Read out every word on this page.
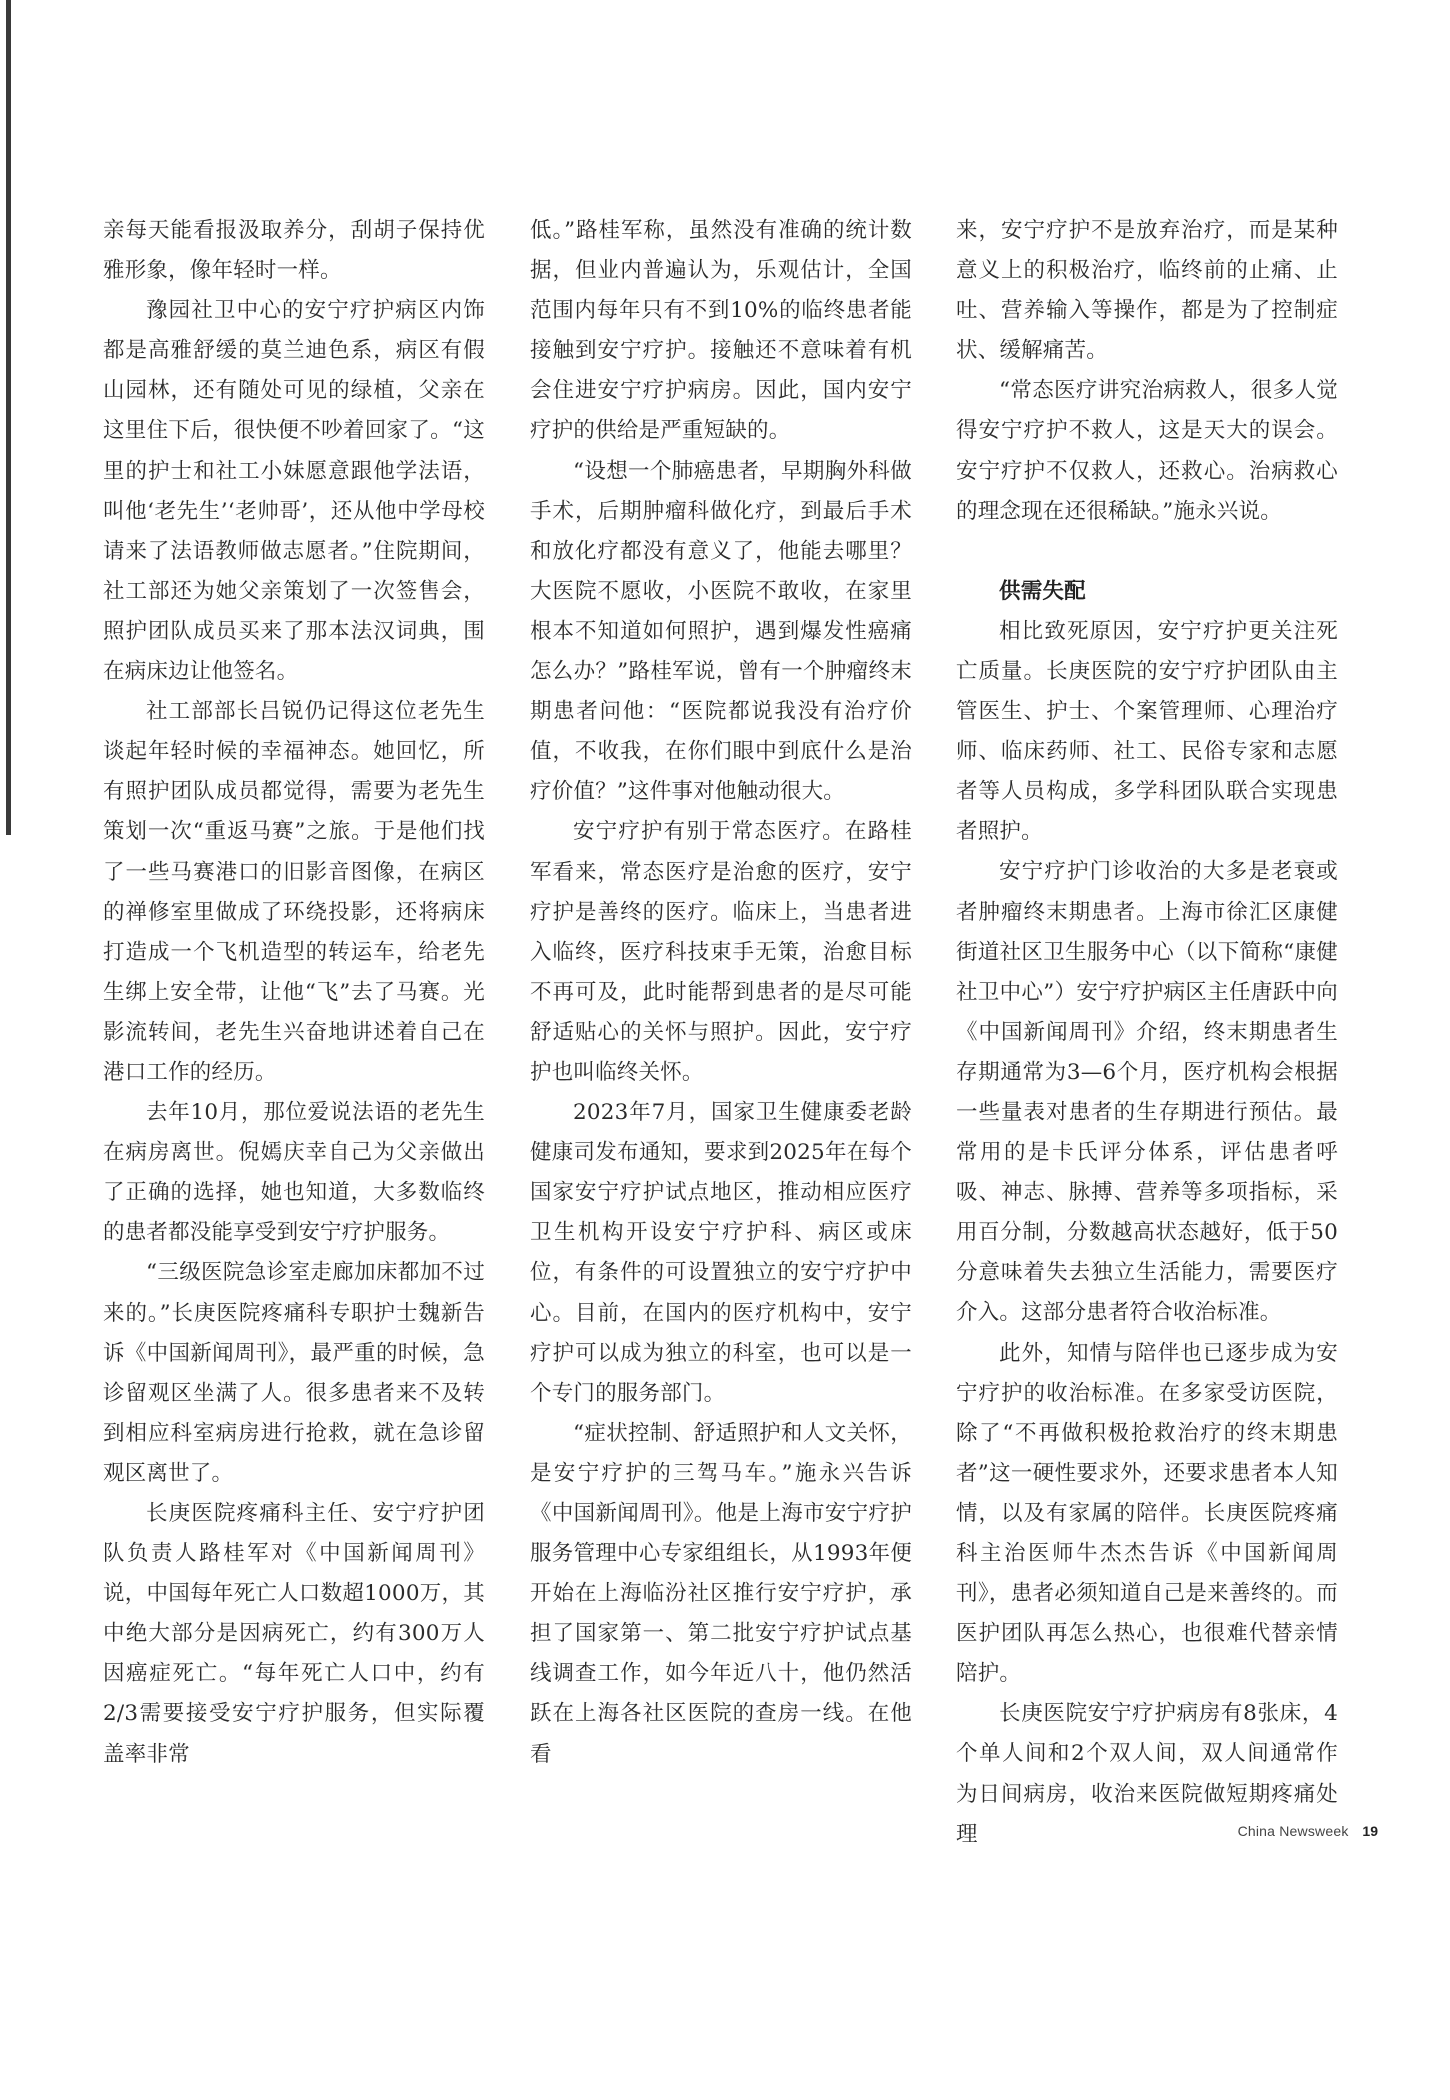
亲每天能看报汲取养分，刮胡子保持优雅形象，像年轻时一样。

豫园社卫中心的安宁疗护病区内饰都是高雅舒缓的莫兰迪色系，病区有假山园林，还有随处可见的绿植，父亲在这里住下后，很快便不吵着回家了。“这里的护士和社工小妹愿意跟他学法语，叫他‘老先生’‘老帅哥’，还从他中学母校请来了法语教师做志愿者。”住院期间，社工部还为她父亲策划了一次签售会，照护团队成员买来了那本法汉词典，围在病床边让他签名。

社工部部长吕锐仍记得这位老先生谈起年轻时候的幸福神态。她回忆，所有照护团队成员都觉得，需要为老先生策划一次“重返马赛”之旅。于是他们找了一些马赛港口的旧影音图像，在病区的禅修室里做成了环绕投影，还将病床打造成一个飞机造型的转运车，给老先生绑上安全带，让他“飞”去了马赛。光影流转间，老先生兴奋地讲述着自己在港口工作的经历。

去年10月，那位爱说法语的老先生在病房离世。倪嫣庆幸自己为父亲做出了正确的选择，她也知道，大多数临终的患者都没能享受到安宁疗护服务。

“三级医院急诊室走廊加床都加不过来的。”长庚医院疼痛科专职护士魏新告诉《中国新闻周刊》，最严重的时候，急诊留观区坐满了人。很多患者来不及转到相应科室病房进行抢救，就在急诊留观区离世了。

长庚医院疼痛科主任、安宁疗护团队负责人路桂军对《中国新闻周刊》说，中国每年死亡人口数超1000万，其中绝大部分是因病死亡，约有300万人因癌症死亡。“每年死亡人口中，约有2/3需要接受安宁疗护服务，但实际覆盖率非常

低。”路桂军称，虽然没有准确的统计数据，但业内普遍认为，乐观估计，全国范围内每年只有不到10%的临终患者能接触到安宁疗护。接触还不意味着有机会住进安宁疗护病房。因此，国内安宁疗护的供给是严重短缺的。

“设想一个肺癌患者，早期胸外科做手术，后期肿瘤科做化疗，到最后手术和放化疗都没有意义了，他能去哪里？大医院不愿收，小医院不敢收，在家里根本不知道如何照护，遇到爆发性癌痛怎么办？”路桂军说，曾有一个肿瘤终末期患者问他：“医院都说我没有治疗价值，不收我，在你们眼中到底什么是治疗价值？”这件事对他触动很大。

安宁疗护有别于常态医疗。在路桂军看来，常态医疗是治愈的医疗，安宁疗护是善终的医疗。临床上，当患者进入临终，医疗科技束手无策，治愈目标不再可及，此时能帮到患者的是尽可能舒适贴心的关怀与照护。因此，安宁疗护也叫临终关怀。

2023年7月，国家卫生健康委老龄健康司发布通知，要求到2025年在每个国家安宁疗护试点地区，推动相应医疗卫生机构开设安宁疗护科、病区或床位，有条件的可设置独立的安宁疗护中心。目前，在国内的医疗机构中，安宁疗护可以成为独立的科室，也可以是一个专门的服务部门。

“症状控制、舒适照护和人文关怀，是安宁疗护的三驾马车。”施永兴告诉《中国新闻周刊》。他是上海市安宁疗护服务管理中心专家组组长，从1993年便开始在上海临汾社区推行安宁疗护，承担了国家第一、第二批安宁疗护试点基线调查工作，如今年近八十，他仍然活跃在上海各社区医院的查房一线。在他看

来，安宁疗护不是放弃治疗，而是某种意义上的积极治疗，临终前的止痛、止吐、营养输入等操作，都是为了控制症状、缓解痛苦。

“常态医疗讲究治病救人，很多人觉得安宁疗护不救人，这是天大的误会。安宁疗护不仅救人，还救心。治病救心的理念现在还很稀缺。”施永兴说。

供需失配

相比致死原因，安宁疗护更关注死亡质量。长庚医院的安宁疗护团队由主管医生、护士、个案管理师、心理治疗师、临床药师、社工、民俗专家和志愿者等人员构成，多学科团队联合实现患者照护。

安宁疗护门诊收治的大多是老衰或者肿瘤终末期患者。上海市徐汇区康健街道社区卫生服务中心（以下简称“康健社卫中心”）安宁疗护病区主任唐跃中向《中国新闻周刊》介绍，终末期患者生存期通常为3—6个月，医疗机构会根据一些量表对患者的生存期进行预估。最常用的是卡氏评分体系，评估患者呼吸、神志、脉搏、营养等多项指标，采用百分制，分数越高状态越好，低于50分意味着失去独立生活能力，需要医疗介入。这部分患者符合收治标准。

此外，知情与陪伴也已逐步成为安宁疗护的收治标准。在多家受访医院，除了“不再做积极抢救治疗的终末期患者”这一硬性要求外，还要求患者本人知情，以及有家属的陪伴。长庚医院疼痛科主治医师牛杰杰告诉《中国新闻周刊》，患者必须知道自己是来善终的。而医护团队再怎么热心，也很难代替亲情陪护。

长庚医院安宁疗护病房有8张床，4个单人间和2个双人间，双人间通常作为日间病房，收治来医院做短期疼痛处理	China Newsweek 19
